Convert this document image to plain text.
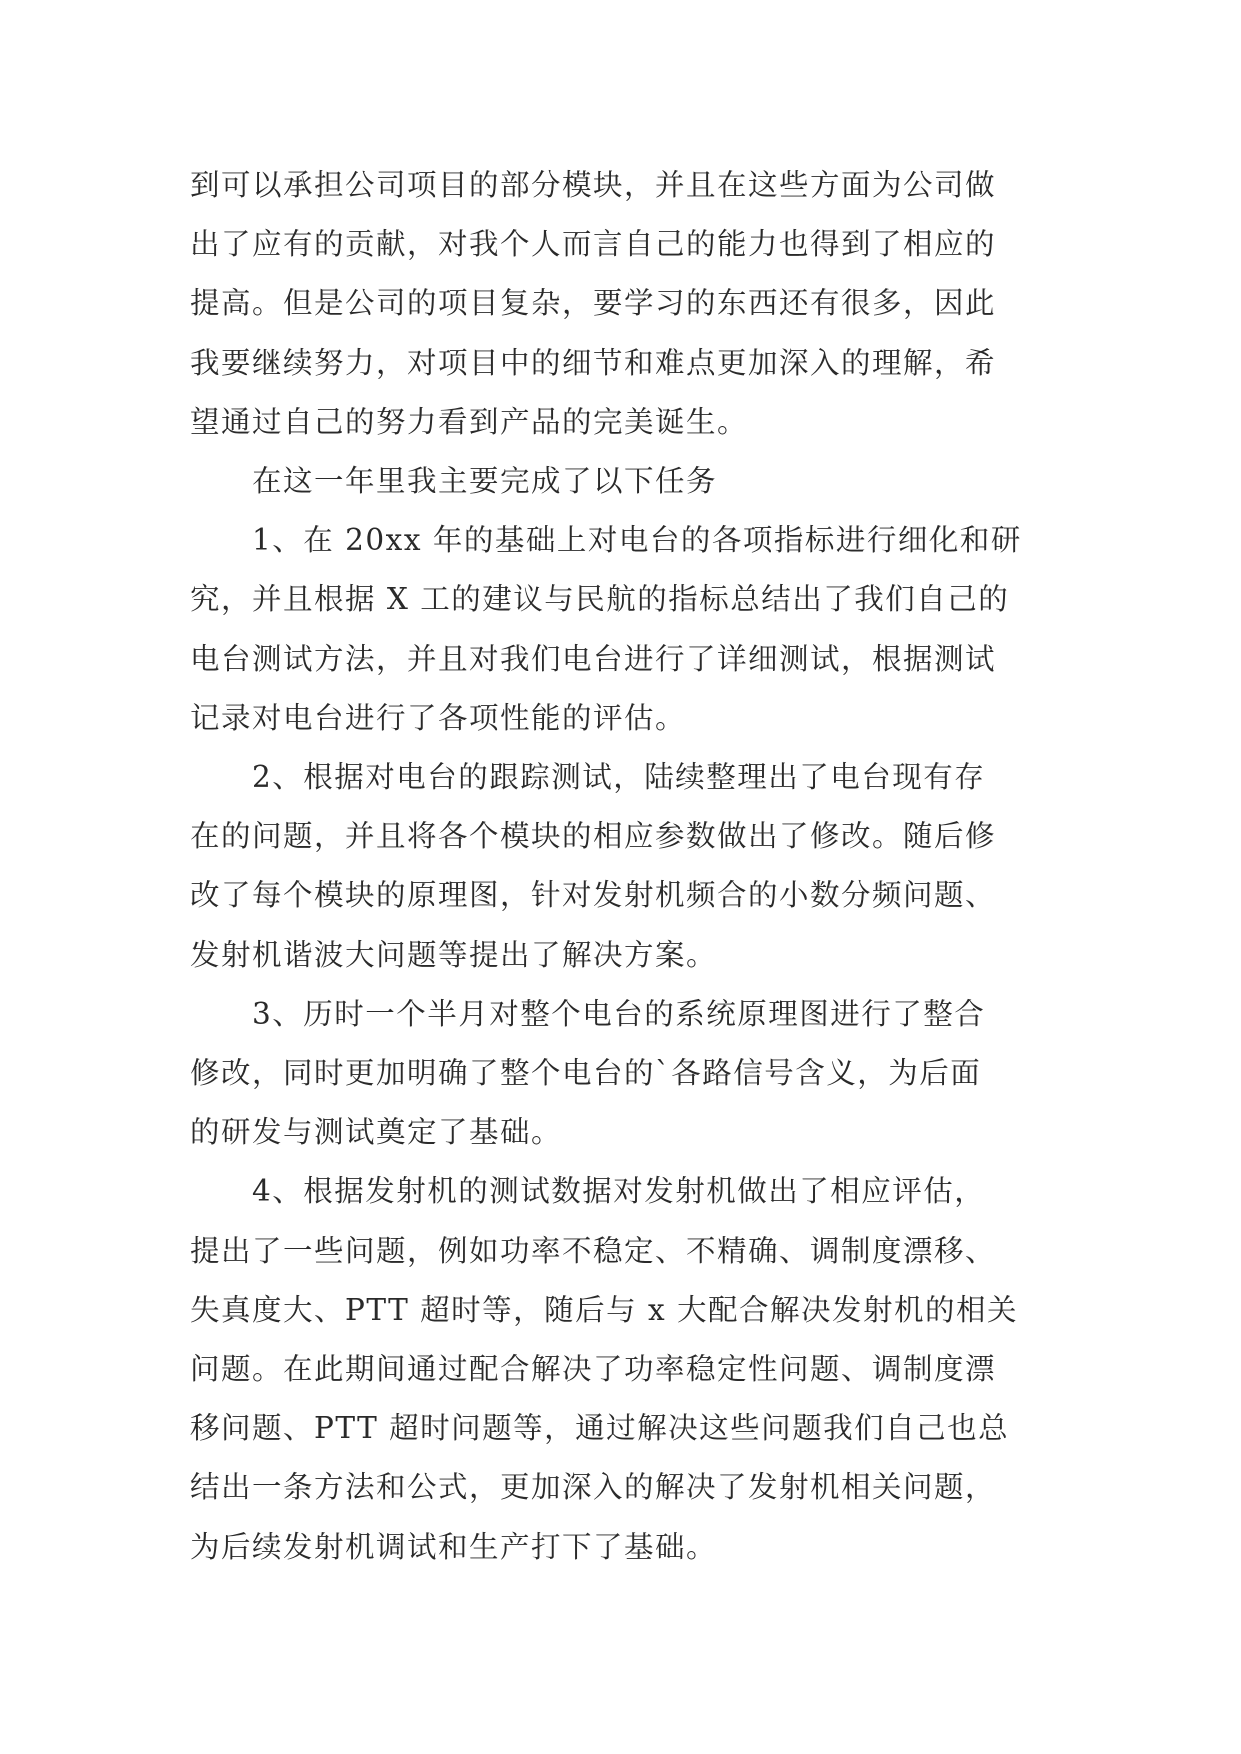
到可以承担公司项目的部分模块，并且在这些方面为公司做
出了应有的贡献，对我个人而言自己的能力也得到了相应的
提高。但是公司的项目复杂，要学习的东西还有很多，因此
我要继续努力，对项目中的细节和难点更加深入的理解，希
望通过自己的努力看到产品的完美诞生。
在这一年里我主要完成了以下任务
1、在 20xx 年的基础上对电台的各项指标进行细化和研
究，并且根据 X 工的建议与民航的指标总结出了我们自己的
电台测试方法，并且对我们电台进行了详细测试，根据测试
记录对电台进行了各项性能的评估。
2、根据对电台的跟踪测试，陆续整理出了电台现有存
在的问题，并且将各个模块的相应参数做出了修改。随后修
改了每个模块的原理图，针对发射机频合的小数分频问题、
发射机谐波大问题等提出了解决方案。
3、历时一个半月对整个电台的系统原理图进行了整合
修改，同时更加明确了整个电台的`各路信号含义，为后面
的研发与测试奠定了基础。
4、根据发射机的测试数据对发射机做出了相应评估，
提出了一些问题，例如功率不稳定、不精确、调制度漂移、
失真度大、PTT 超时等，随后与 x 大配合解决发射机的相关
问题。在此期间通过配合解决了功率稳定性问题、调制度漂
移问题、PTT 超时问题等，通过解决这些问题我们自己也总
结出一条方法和公式，更加深入的解决了发射机相关问题，
为后续发射机调试和生产打下了基础。
